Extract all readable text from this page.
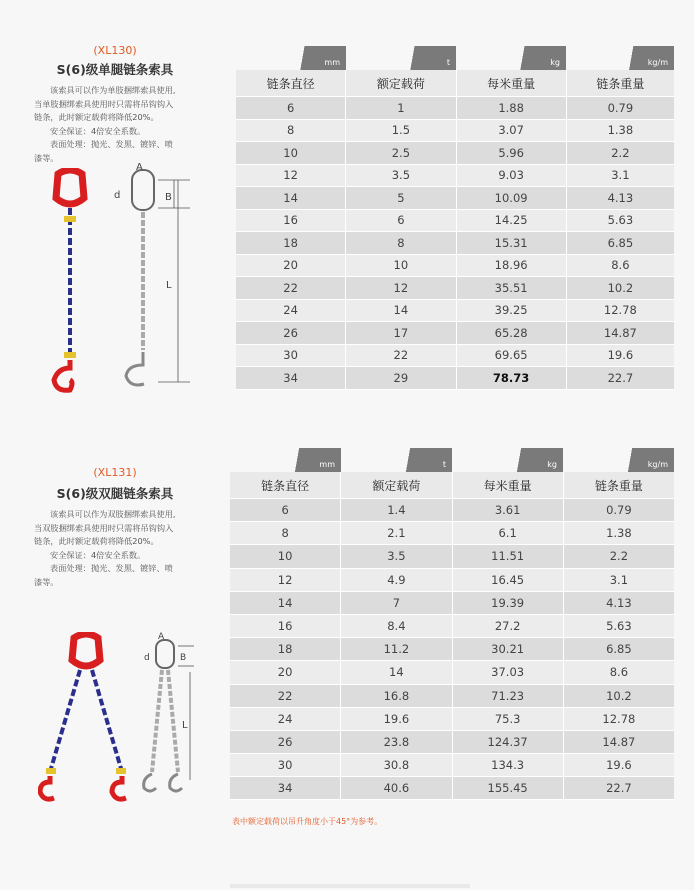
(XL130)
S(6)级单腿链条索具

该索具可以作为单肢捆绑索具使用,

当单肢捆绑索具使用时只需将吊钩钩入

链条，此时额定载荷将降低20%。

安全保证：4倍安全系数。

表面处理：抛光、发黑、镀锌、喷

漆等。

A
B
d
L
mm	t	kg	kg/m
链条直径	额定载荷	每米重量	链条重量
6	1	1.88	0.79
8	1.5	3.07	1.38
10	2.5	5.96	2.2
12	3.5	9.03	3.1
14	5	10.09	4.13
16	6	14.25	5.63
18	8	15.31	6.85
20	10	18.96	8.6
22	12	35.51	10.2
24	14	39.25	12.78
26	17	65.28	14.87
30	22	69.65	19.6
34	29	78.73	22.7
(XL131)
S(6)级双腿链条索具

该索具可以作为双肢捆绑索具使用,

当双肢捆绑索具使用时只需将吊钩钩入

链条，此时额定载荷将降低20%。

安全保证：4倍安全系数。

表面处理：抛光、发黑、镀锌、喷

漆等。

A
B
d
L
mm	t	kg	kg/m
链条直径	额定载荷	每米重量	链条重量
6	1.4	3.61	0.79
8	2.1	6.1	1.38
10	3.5	11.51	2.2
12	4.9	16.45	3.1
14	7	19.39	4.13
16	8.4	27.2	5.63
18	11.2	30.21	6.85
20	14	37.03	8.6
22	16.8	71.23	10.2
24	19.6	75.3	12.78
26	23.8	124.37	14.87
30	30.8	134.3	19.6
34	40.6	155.45	22.7
表中额定载荷以吊升角度小于45°为参考。
